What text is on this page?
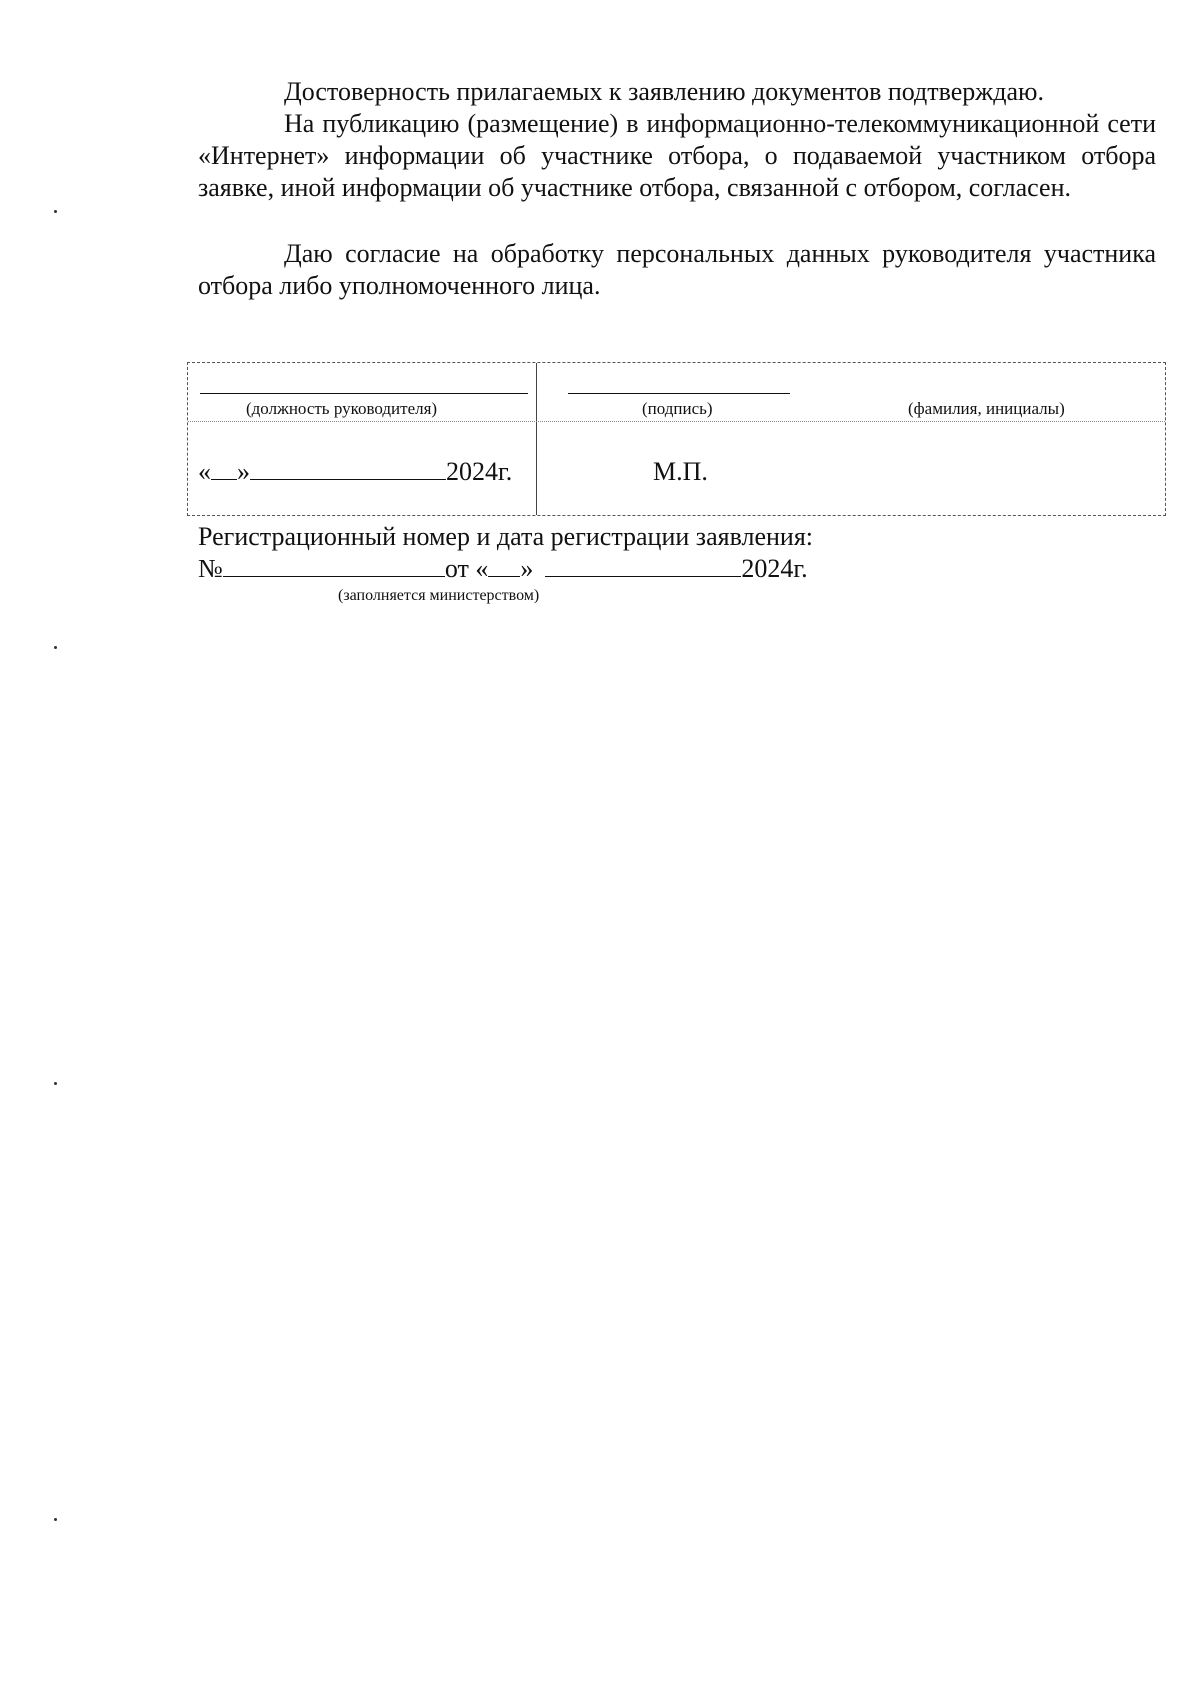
Достоверность прилагаемых к заявлению документов подтверждаю.

На публикацию (размещение) в информационно-телекоммуникационной сети «Интернет» информации об участнике отбора, о подаваемой участником отбора заявке, иной информации об участнике отбора, связанной с отбором, согласен.

Даю согласие на обработку персональных данных руководителя участника отбора либо уполномоченного лица.

(должность руководителя)	(подпись)	(фамилия, инициалы)
« »	2024г.	М.П.
Регистрационный номер и дата регистрации заявления:
№	от « »	2024г.
(заполняется министерством)
